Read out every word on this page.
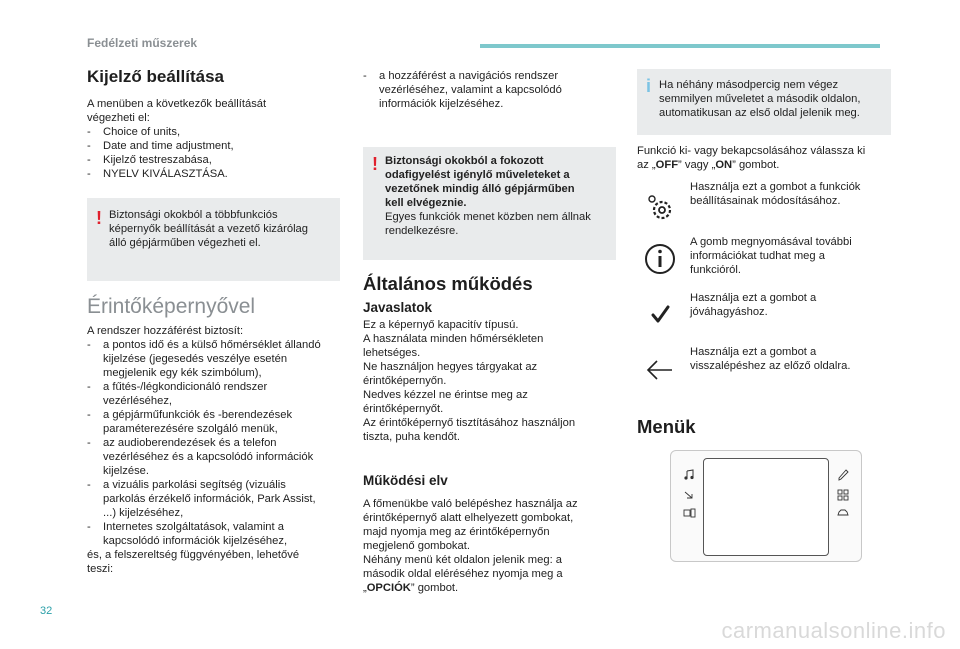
Fedélzeti műszerek
Kijelző beállítása
A menüben a következők beállítását
végezheti el:
- Choice of units,
- Date and time adjustment,
- Kijelző testreszabása,
- NYELV KIVÁLASZTÁSA.
! Biztonsági okokból a többfunkciós
képernyők beállítását a vezető kizárólag
álló gépjárműben végezheti el.
Érintőképernyővel
A rendszer hozzáférést biztosít:
- a pontos idő és a külső hőmérséklet állandó
kijelzése (jegesedés veszélye esetén
megjelenik egy kék szimbólum),
- a fűtés-/légkondicionáló rendszer
vezérléséhez,
- a gépjárműfunkciók és -berendezések
paraméterezésére szolgáló menük,
- az audioberendezések és a telefon
vezérléséhez és a kapcsolódó információk
kijelzése.
- a vizuális parkolási segítség (vizuális
parkolás érzékelő információk, Park Assist,
...) kijelzéséhez,
- Internetes szolgáltatások, valamint a
kapcsolódó információk kijelzéséhez,
és, a felszereltség függvényében, lehetővé
teszi:
- a hozzáférést a navigációs rendszer
vezérléséhez, valamint a kapcsolódó
információk kijelzéséhez.
! Biztonsági okokból a fokozott
odafigyelést igénylő műveleteket a
vezetőnek mindig álló gépjárműben
kell elvégeznie.
Egyes funkciók menet közben nem állnak
rendelkezésre.
Általános működés
Javaslatok
Ez a képernyő kapacitív típusú.
A használata minden hőmérsékleten
lehetséges.
Ne használjon hegyes tárgyakat az
érintőképernyőn.
Nedves kézzel ne érintse meg az
érintőképernyőt.
Az érintőképernyő tisztításához használjon
tiszta, puha kendőt.
Működési elv
A főmenükbe való belépéshez használja az
érintőképernyő alatt elhelyezett gombokat,
majd nyomja meg az érintőképernyőn
megjelenő gombokat.
Néhány menü két oldalon jelenik meg: a
második oldal eléréséhez nyomja meg a
„OPCIÓK” gombot.
i Ha néhány másodpercig nem végez
semmilyen műveletet a második oldalon,
automatikusan az első oldal jelenik meg.
Funkció ki- vagy bekapcsolásához válassza ki
az „OFF” vagy „ON” gombot.
Használja ezt a gombot a funkciók
beállításainak módosításához.
A gomb megnyomásával további
információkat tudhat meg a
funkcióról.
Használja ezt a gombot a
jóváhagyáshoz.
Használja ezt a gombot a
visszalépéshez az előző oldalra.
Menük
32
carmanualsonline.info
